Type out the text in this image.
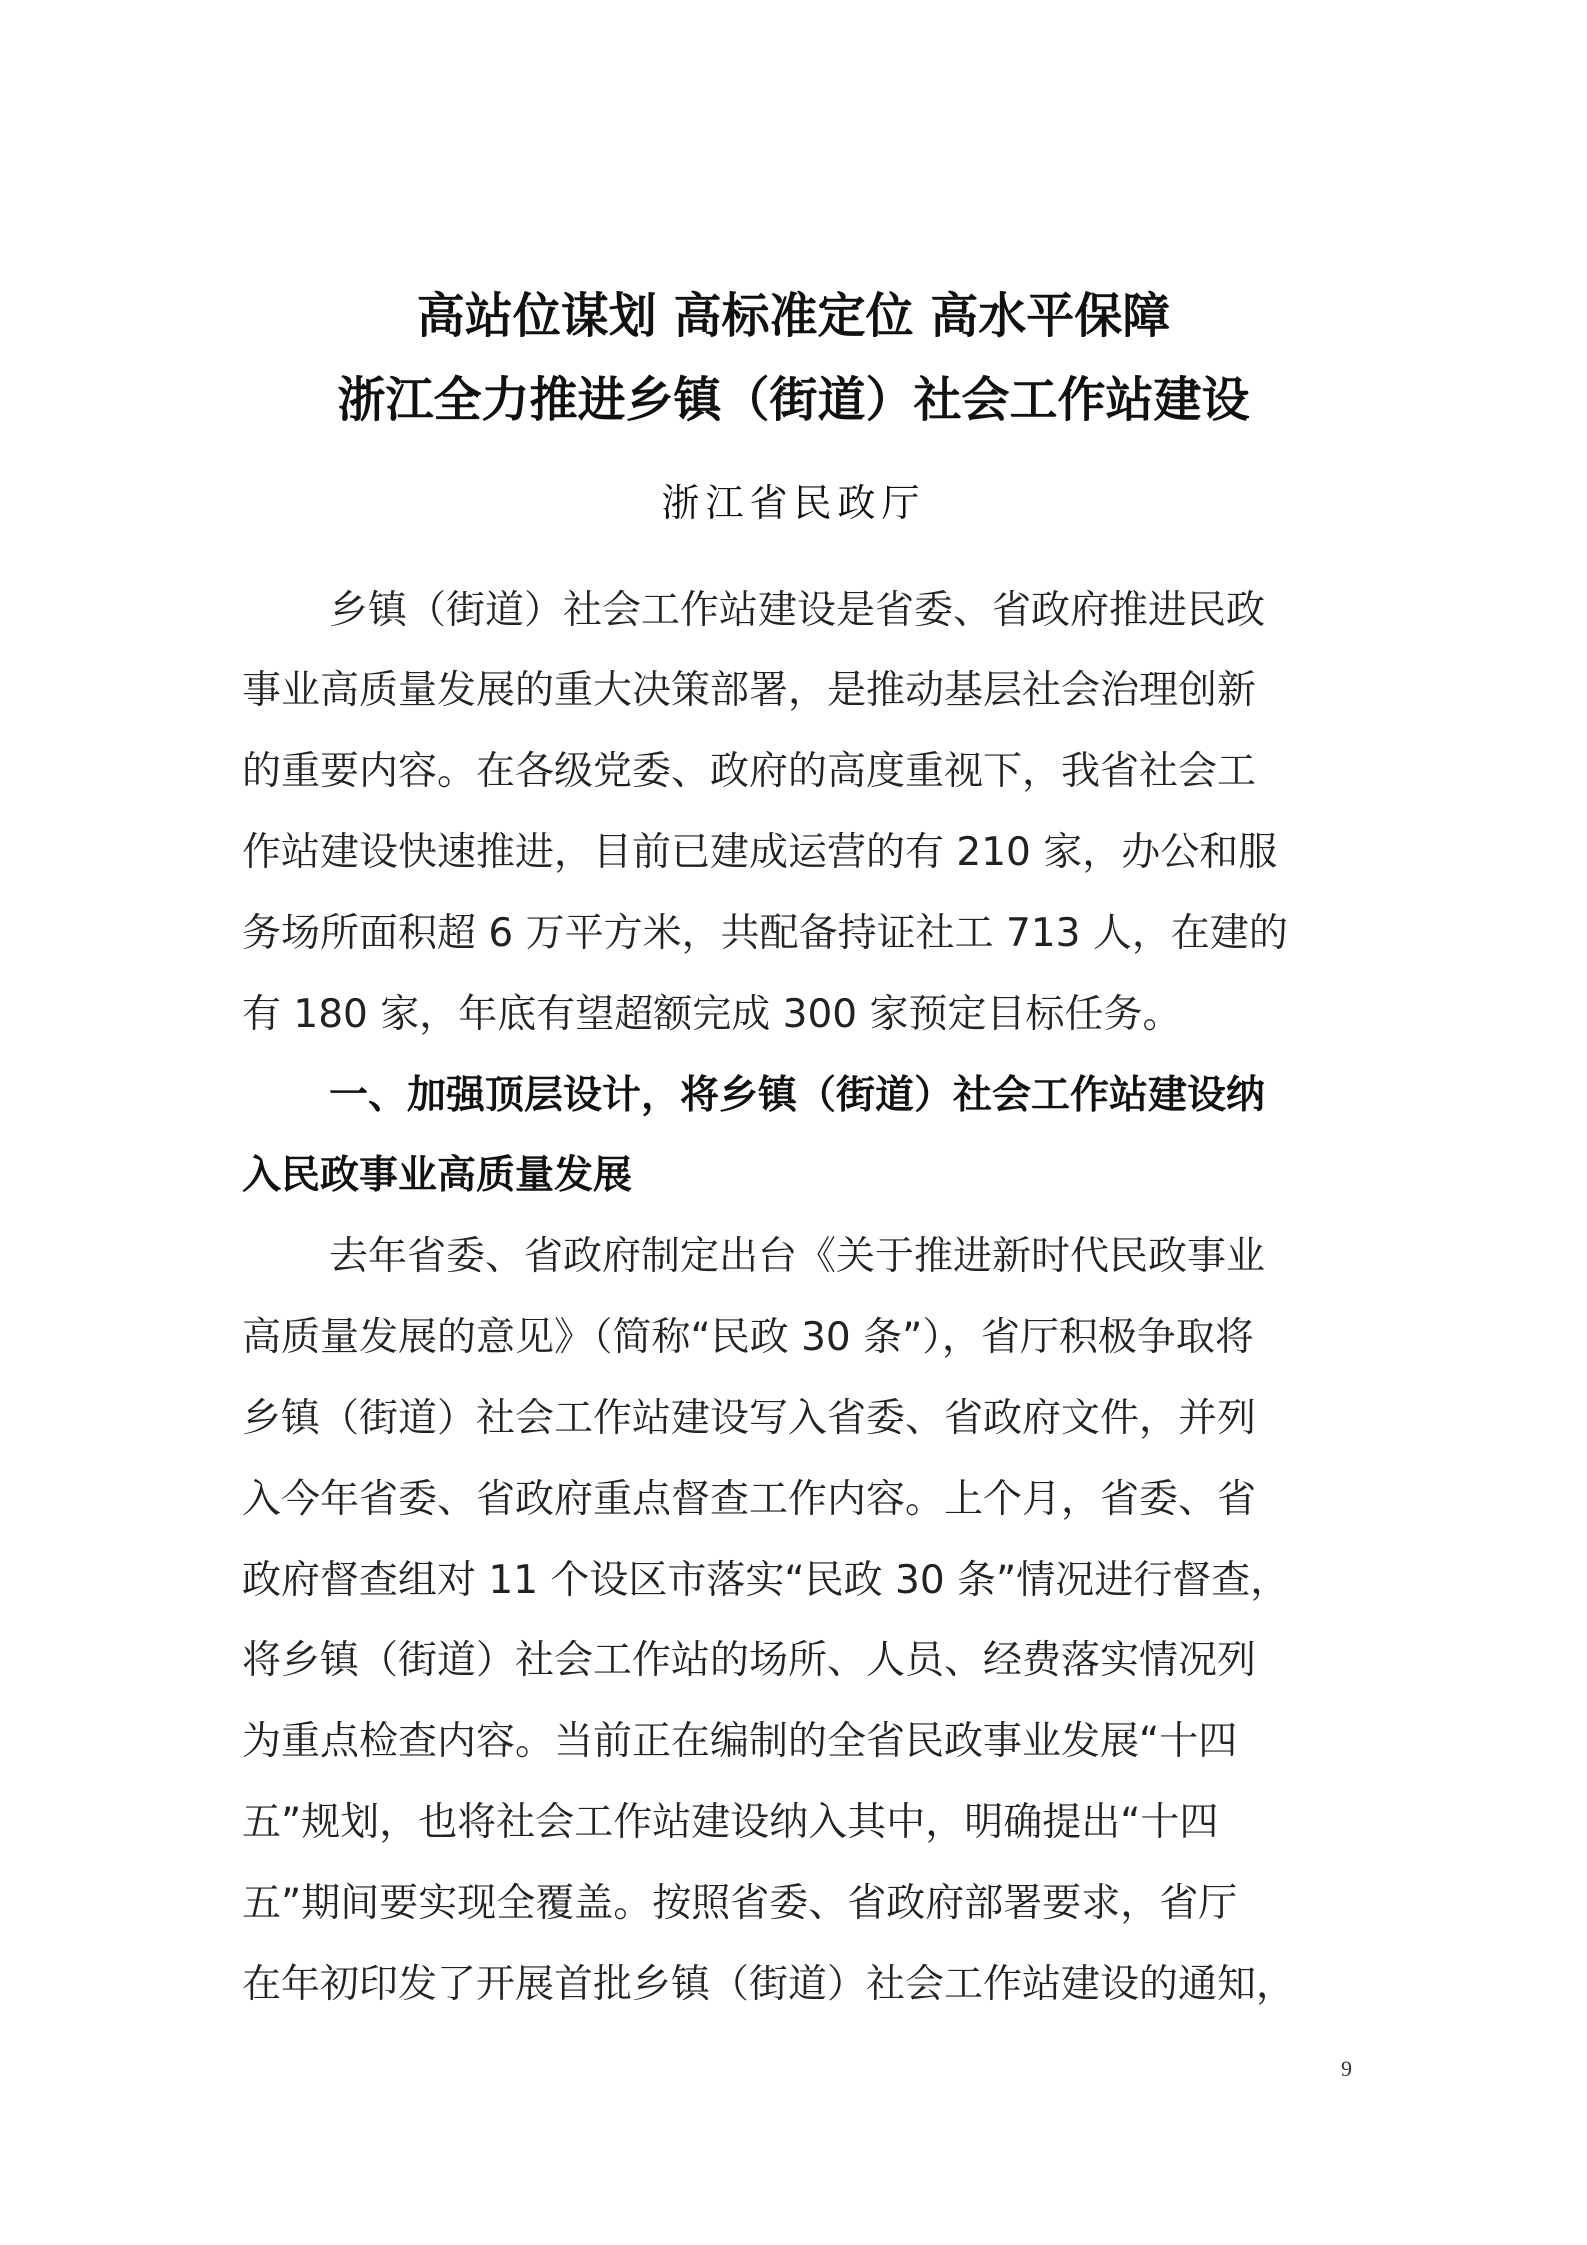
高站位谋划 高标准定位 高水平保障
浙江全力推进乡镇（街道）社会工作站建设
浙江省民政厅
乡镇（街道）社会工作站建设是省委、省政府推进民政
事业高质量发展的重大决策部署，是推动基层社会治理创新
的重要内容。在各级党委、政府的高度重视下，我省社会工
作站建设快速推进，目前已建成运营的有 210 家，办公和服
务场所面积超 6 万平方米，共配备持证社工 713 人，在建的
有 180 家，年底有望超额完成 300 家预定目标任务。
一、加强顶层设计，将乡镇（街道）社会工作站建设纳
入民政事业高质量发展
去年省委、省政府制定出台《关于推进新时代民政事业
高质量发展的意见》（简称“民政 30 条”），省厅积极争取将
乡镇（街道）社会工作站建设写入省委、省政府文件，并列
入今年省委、省政府重点督查工作内容。上个月，省委、省
政府督查组对 11 个设区市落实“民政 30 条”情况进行督查，
将乡镇（街道）社会工作站的场所、人员、经费落实情况列
为重点检查内容。当前正在编制的全省民政事业发展“十四
五”规划，也将社会工作站建设纳入其中，明确提出“十四
五”期间要实现全覆盖。按照省委、省政府部署要求，省厅
在年初印发了开展首批乡镇（街道）社会工作站建设的通知，
9
